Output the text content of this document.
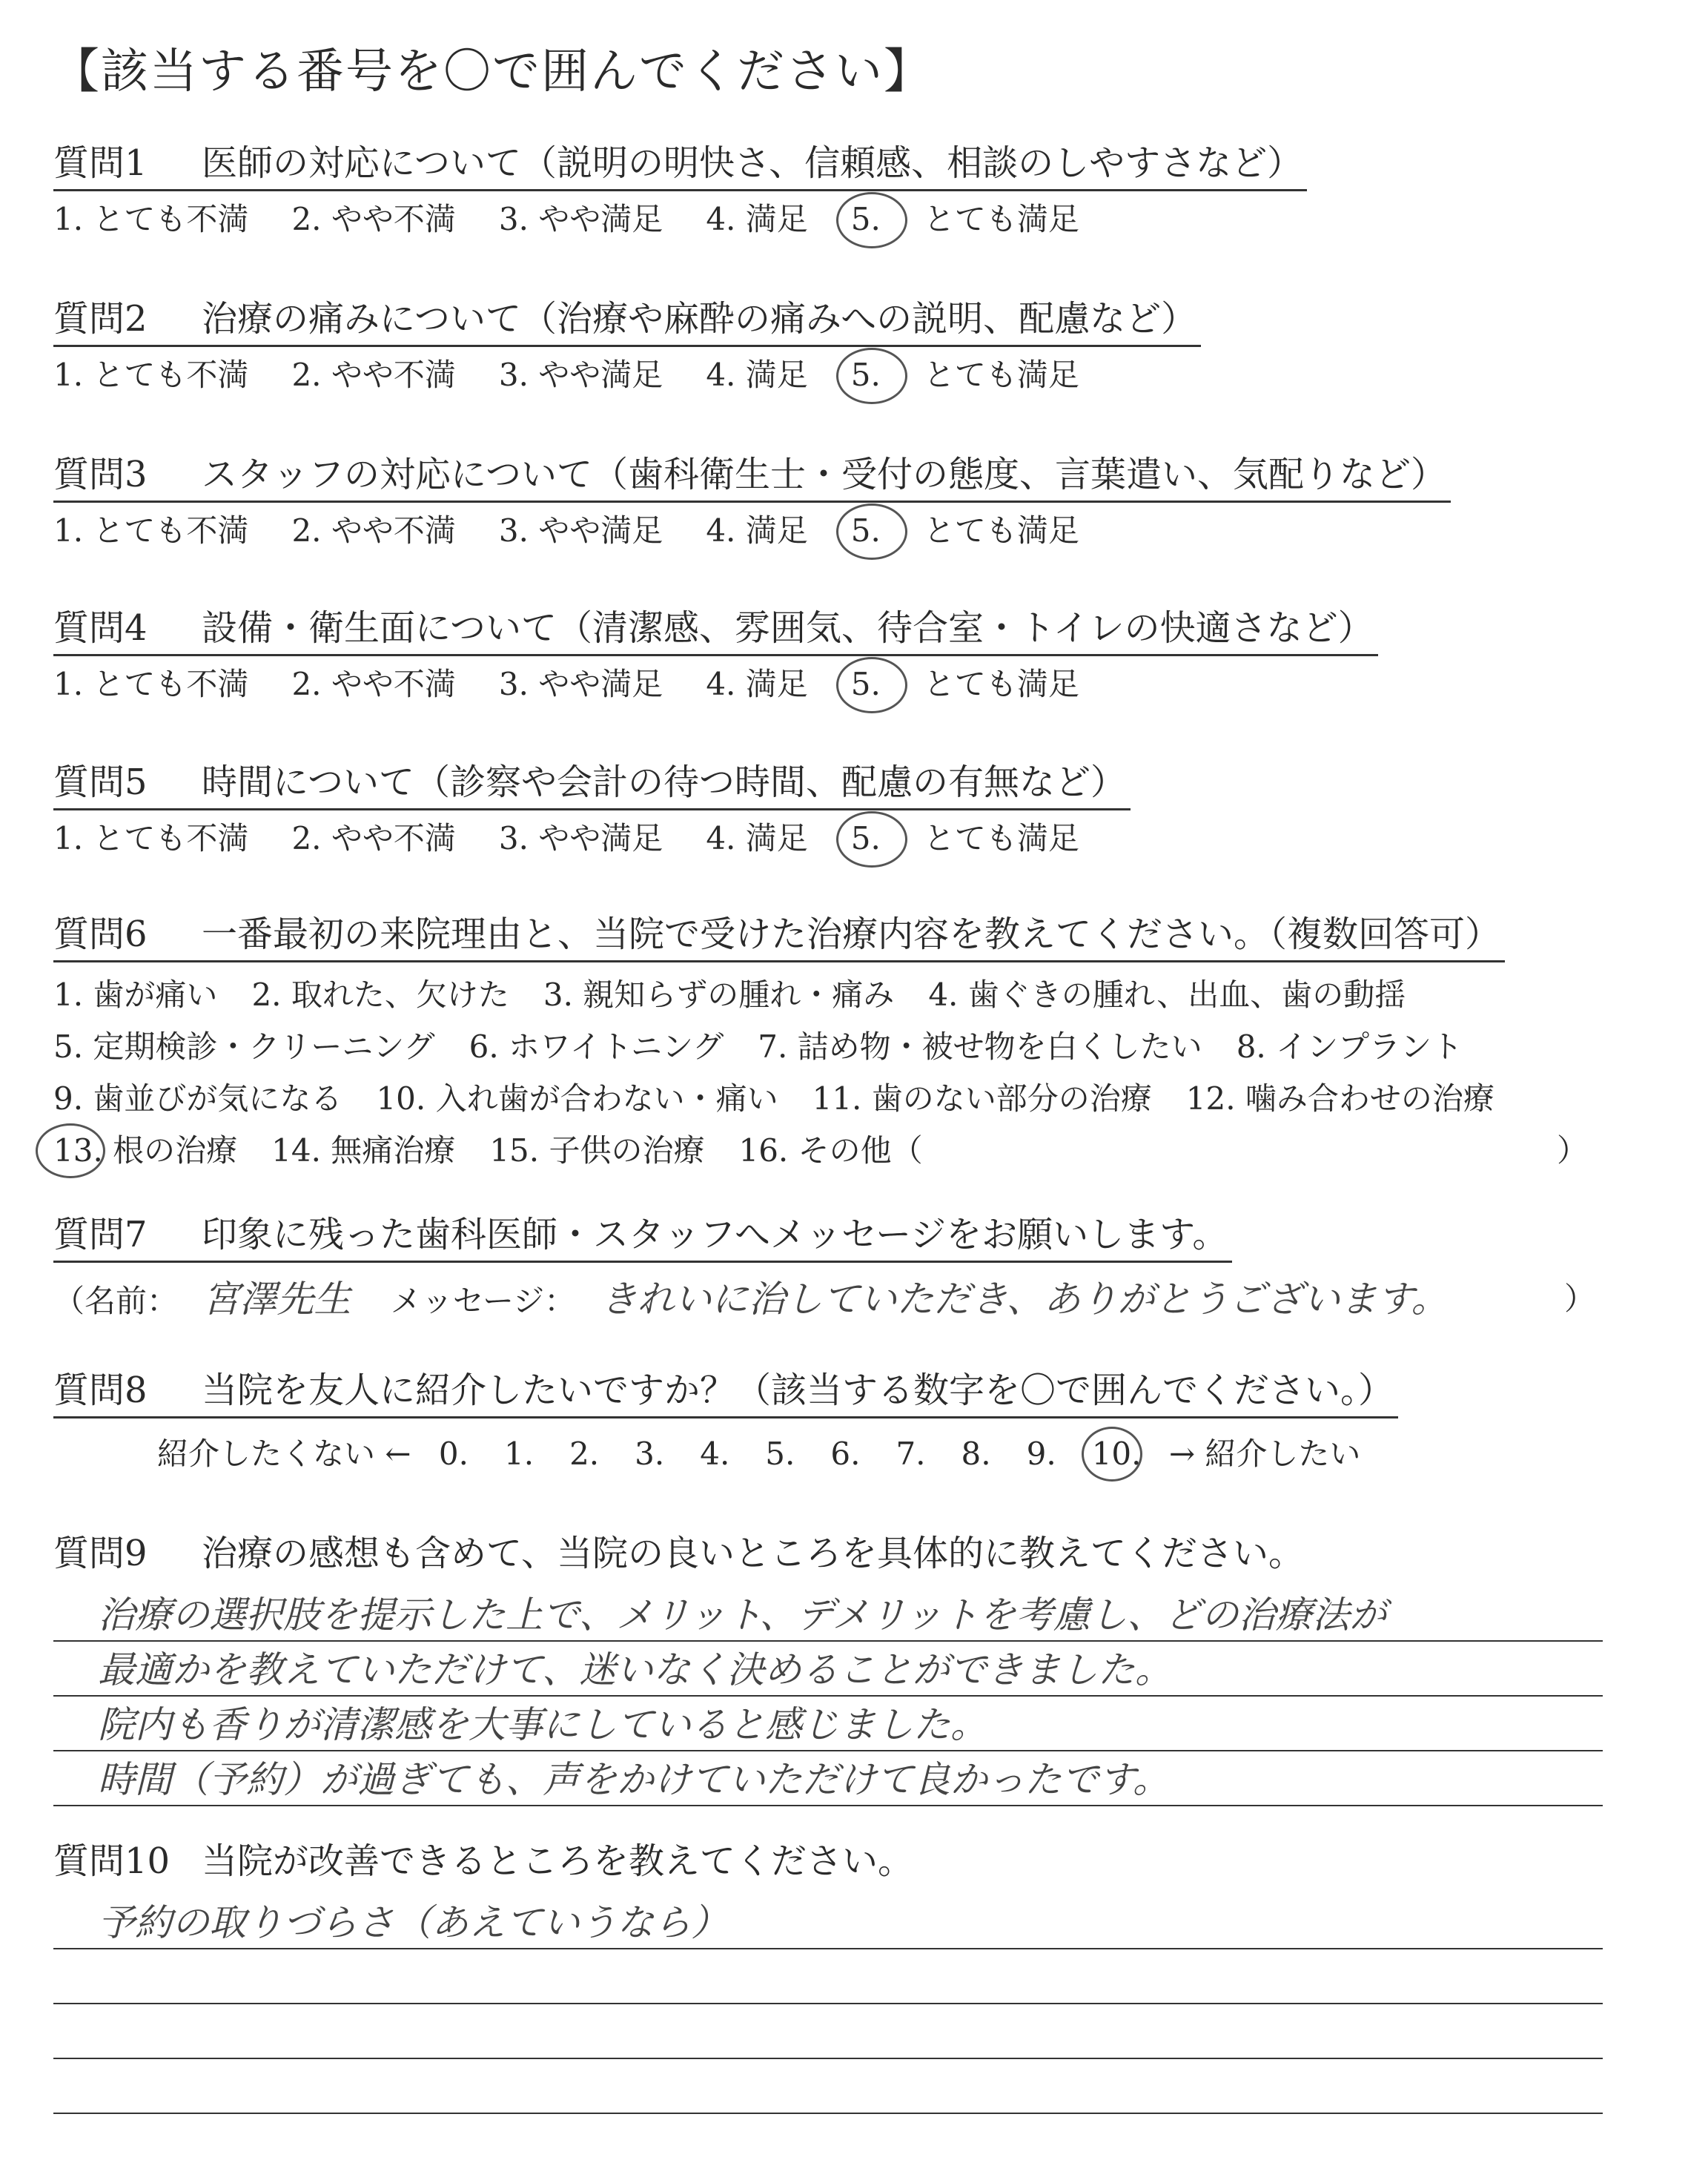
【該当する番号を〇で囲んでください】
質問1 医師の対応について（説明の明快さ、信頼感、相談のしやすさなど）
1. とても不満 2. やや不満 3. やや満足 4. 満足 5. とても満足
質問2 治療の痛みについて（治療や麻酔の痛みへの説明、配慮など）
1. とても不満 2. やや不満 3. やや満足 4. 満足 5. とても満足
質問3 スタッフの対応について（歯科衛生士・受付の態度、言葉遣い、気配りなど）
1. とても不満 2. やや不満 3. やや満足 4. 満足 5. とても満足
質問4 設備・衛生面について（清潔感、雰囲気、待合室・トイレの快適さなど）
1. とても不満 2. やや不満 3. やや満足 4. 満足 5. とても満足
質問5 時間について（診察や会計の待つ時間、配慮の有無など）
1. とても不満 2. やや不満 3. やや満足 4. 満足 5. とても満足
質問6 一番最初の来院理由と、当院で受けた治療内容を教えてください。（複数回答可）
1. 歯が痛い 2. 取れた、欠けた 3. 親知らずの腫れ・痛み 4. 歯ぐきの腫れ、出血、歯の動揺
5. 定期検診・クリーニング 6. ホワイトニング 7. 詰め物・被せ物を白くしたい 8. インプラント
9. 歯並びが気になる 10. 入れ歯が合わない・痛い 11. 歯のない部分の治療 12. 噛み合わせの治療
13. 根の治療 14. 無痛治療 15. 子供の治療 16. その他（	）
質問7 印象に残った歯科医師・スタッフへメッセージをお願いします。
（名前： 宮澤先生 メッセージ： きれいに治していただき、ありがとうございます。	）
質問8 当院を友人に紹介したいですか？（該当する数字を〇で囲んでください。）
紹介したくない ← 0. 1. 2. 3. 4. 5. 6. 7. 8. 9. 10. → 紹介したい
質問9 治療の感想も含めて、当院の良いところを具体的に教えてください。
治療の選択肢を提示した上で、メリット、デメリットを考慮し、どの治療法が
最適かを教えていただけて、迷いなく決めることができました。
院内も香りが清潔感を大事にしていると感じました。
時間（予約）が過ぎても、声をかけていただけて良かったです。
質問10 当院が改善できるところを教えてください。
予約の取りづらさ（あえていうなら）
